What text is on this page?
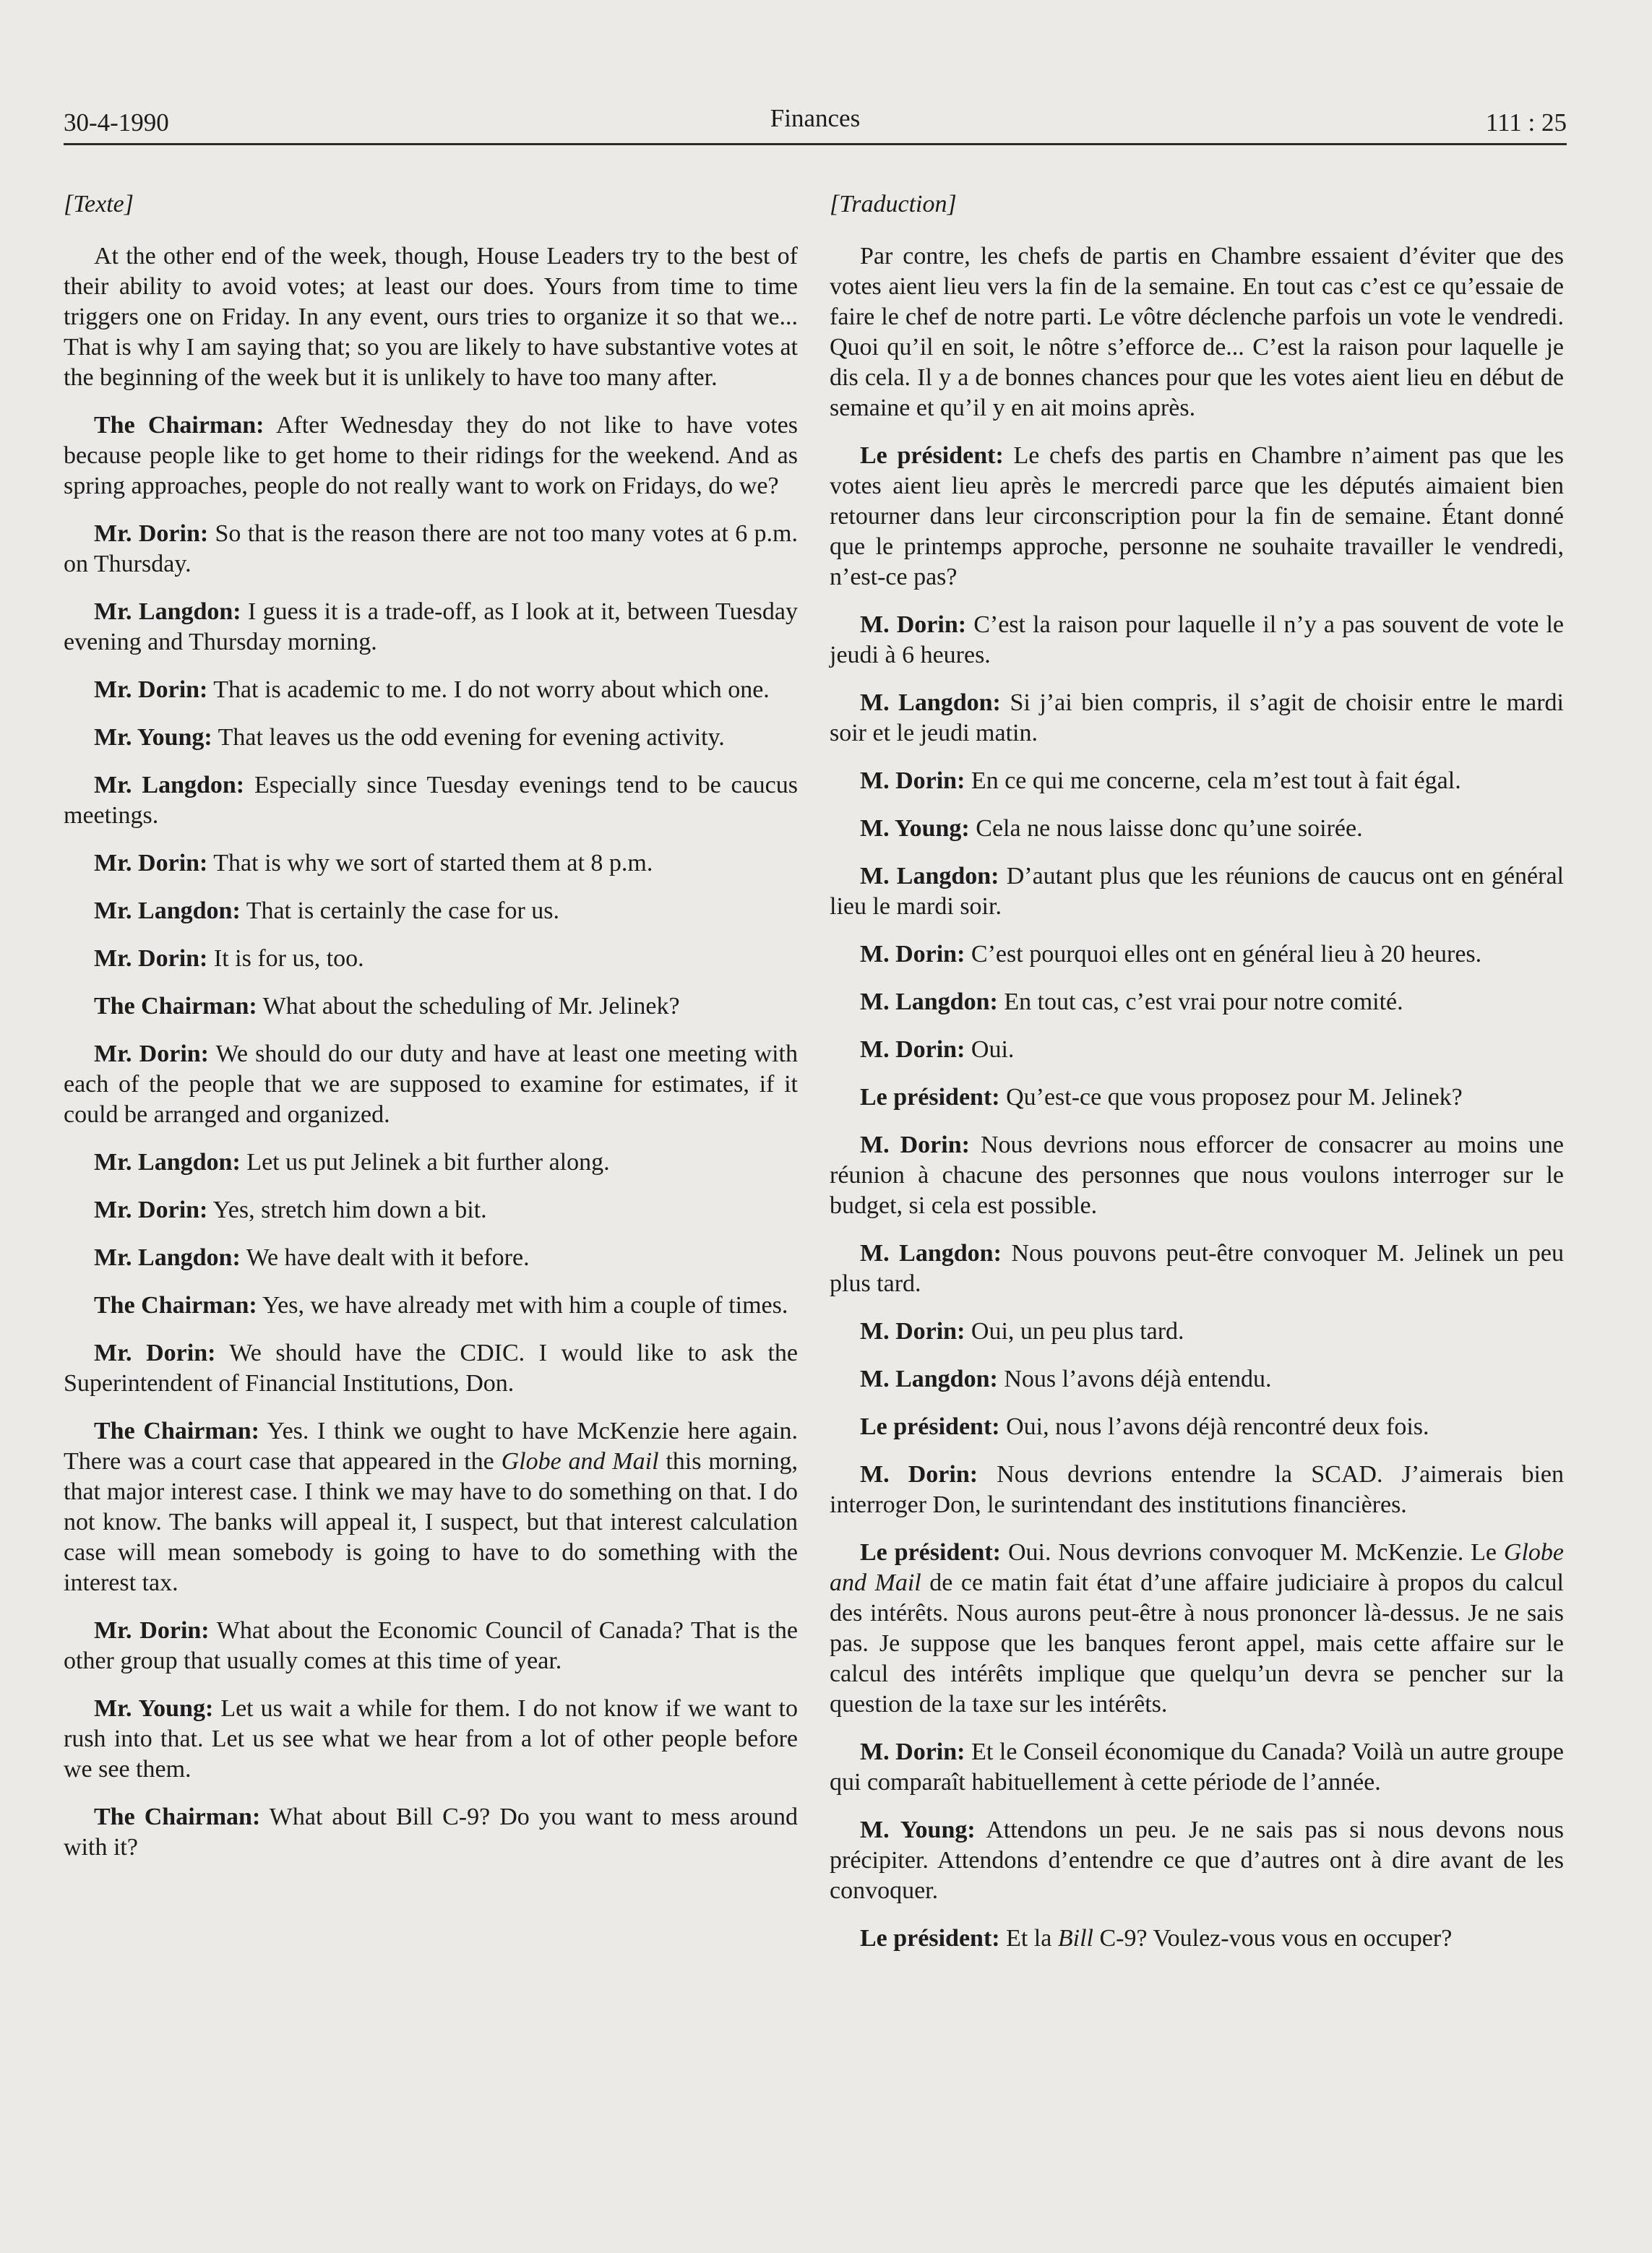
30-4-1990	Finances	111 : 25

[Texte]

At the other end of the week, though, House Leaders try to the best of their ability to avoid votes; at least our does. Yours from time to time triggers one on Friday. In any event, ours tries to organize it so that we... That is why I am saying that; so you are likely to have substantive votes at the beginning of the week but it is unlikely to have too many after.

The Chairman: After Wednesday they do not like to have votes because people like to get home to their ridings for the weekend. And as spring approaches, people do not really want to work on Fridays, do we?

Mr. Dorin: So that is the reason there are not too many votes at 6 p.m. on Thursday.

Mr. Langdon: I guess it is a trade-off, as I look at it, between Tuesday evening and Thursday morning.

Mr. Dorin: That is academic to me. I do not worry about which one.

Mr. Young: That leaves us the odd evening for evening activity.

Mr. Langdon: Especially since Tuesday evenings tend to be caucus meetings.

Mr. Dorin: That is why we sort of started them at 8 p.m.

Mr. Langdon: That is certainly the case for us.

Mr. Dorin: It is for us, too.

The Chairman: What about the scheduling of Mr. Jelinek?

Mr. Dorin: We should do our duty and have at least one meeting with each of the people that we are supposed to examine for estimates, if it could be arranged and organized.

Mr. Langdon: Let us put Jelinek a bit further along.

Mr. Dorin: Yes, stretch him down a bit.

Mr. Langdon: We have dealt with it before.

The Chairman: Yes, we have already met with him a couple of times.

Mr. Dorin: We should have the CDIC. I would like to ask the Superintendent of Financial Institutions, Don.

The Chairman: Yes. I think we ought to have McKenzie here again. There was a court case that appeared in the Globe and Mail this morning, that major interest case. I think we may have to do something on that. I do not know. The banks will appeal it, I suspect, but that interest calculation case will mean somebody is going to have to do something with the interest tax.

Mr. Dorin: What about the Economic Council of Canada? That is the other group that usually comes at this time of year.

Mr. Young: Let us wait a while for them. I do not know if we want to rush into that. Let us see what we hear from a lot of other people before we see them.

The Chairman: What about Bill C-9? Do you want to mess around with it?

[Traduction]

Par contre, les chefs de partis en Chambre essaient d’éviter que des votes aient lieu vers la fin de la semaine. En tout cas c’est ce qu’essaie de faire le chef de notre parti. Le vôtre déclenche parfois un vote le vendredi. Quoi qu’il en soit, le nôtre s’efforce de... C’est la raison pour laquelle je dis cela. Il y a de bonnes chances pour que les votes aient lieu en début de semaine et qu’il y en ait moins après.

Le président: Le chefs des partis en Chambre n’aiment pas que les votes aient lieu après le mercredi parce que les députés aimaient bien retourner dans leur circonscription pour la fin de semaine. Étant donné que le printemps approche, personne ne souhaite travailler le vendredi, n’est-ce pas?

M. Dorin: C’est la raison pour laquelle il n’y a pas souvent de vote le jeudi à 6 heures.

M. Langdon: Si j’ai bien compris, il s’agit de choisir entre le mardi soir et le jeudi matin.

M. Dorin: En ce qui me concerne, cela m’est tout à fait égal.

M. Young: Cela ne nous laisse donc qu’une soirée.

M. Langdon: D’autant plus que les réunions de caucus ont en général lieu le mardi soir.

M. Dorin: C’est pourquoi elles ont en général lieu à 20 heures.

M. Langdon: En tout cas, c’est vrai pour notre comité.

M. Dorin: Oui.

Le président: Qu’est-ce que vous proposez pour M. Jelinek?

M. Dorin: Nous devrions nous efforcer de consacrer au moins une réunion à chacune des personnes que nous voulons interroger sur le budget, si cela est possible.

M. Langdon: Nous pouvons peut-être convoquer M. Jelinek un peu plus tard.

M. Dorin: Oui, un peu plus tard.

M. Langdon: Nous l’avons déjà entendu.

Le président: Oui, nous l’avons déjà rencontré deux fois.

M. Dorin: Nous devrions entendre la SCAD. J’aimerais bien interroger Don, le surintendant des institutions financières.

Le président: Oui. Nous devrions convoquer M. McKenzie. Le Globe and Mail de ce matin fait état d’une affaire judiciaire à propos du calcul des intérêts. Nous aurons peut-être à nous prononcer là-dessus. Je ne sais pas. Je suppose que les banques feront appel, mais cette affaire sur le calcul des intérêts implique que quelqu’un devra se pencher sur la question de la taxe sur les intérêts.

M. Dorin: Et le Conseil économique du Canada? Voilà un autre groupe qui comparaît habituellement à cette période de l’année.

M. Young: Attendons un peu. Je ne sais pas si nous devons nous précipiter. Attendons d’entendre ce que d’autres ont à dire avant de les convoquer.

Le président: Et la Bill C-9? Voulez-vous vous en occuper?
